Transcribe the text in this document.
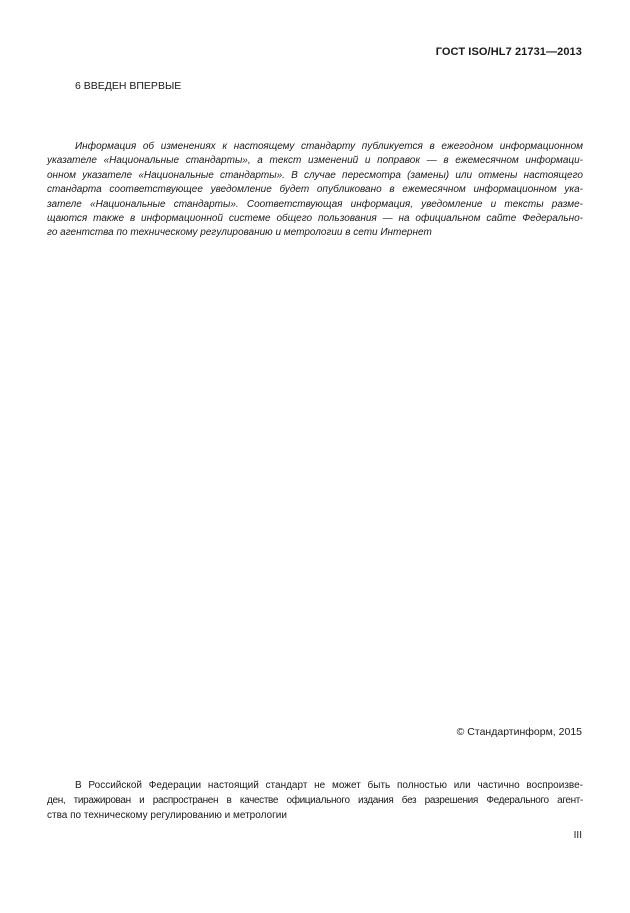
ГОСТ ISO/HL7 21731—2013
6 ВВЕДЕН ВПЕРВЫЕ
Информация об изменениях к настоящему стандарту публикуется в ежегодном информационном
указателе «Национальные стандарты», а текст изменений и поправок — в ежемесячном информаци-
онном указателе «Национальные стандарты». В случае пересмотра (замены) или отмены настоящего
стандарта соответствующее уведомление будет опубликовано в ежемесячном информационном ука-
зателе «Национальные стандарты». Соответствующая информация, уведомление и тексты разме-
щаются также в информационной системе общего пользования — на официальном сайте Федерально-
го агентства по техническому регулированию и метрологии в сети Интернет
© Стандартинформ, 2015
В Российской Федерации настоящий стандарт не может быть полностью или частично воспроизве-
ден, тиражирован и распространен в качестве официального издания без разрешения Федерального агент-
ства по техническому регулированию и метрологии
III
